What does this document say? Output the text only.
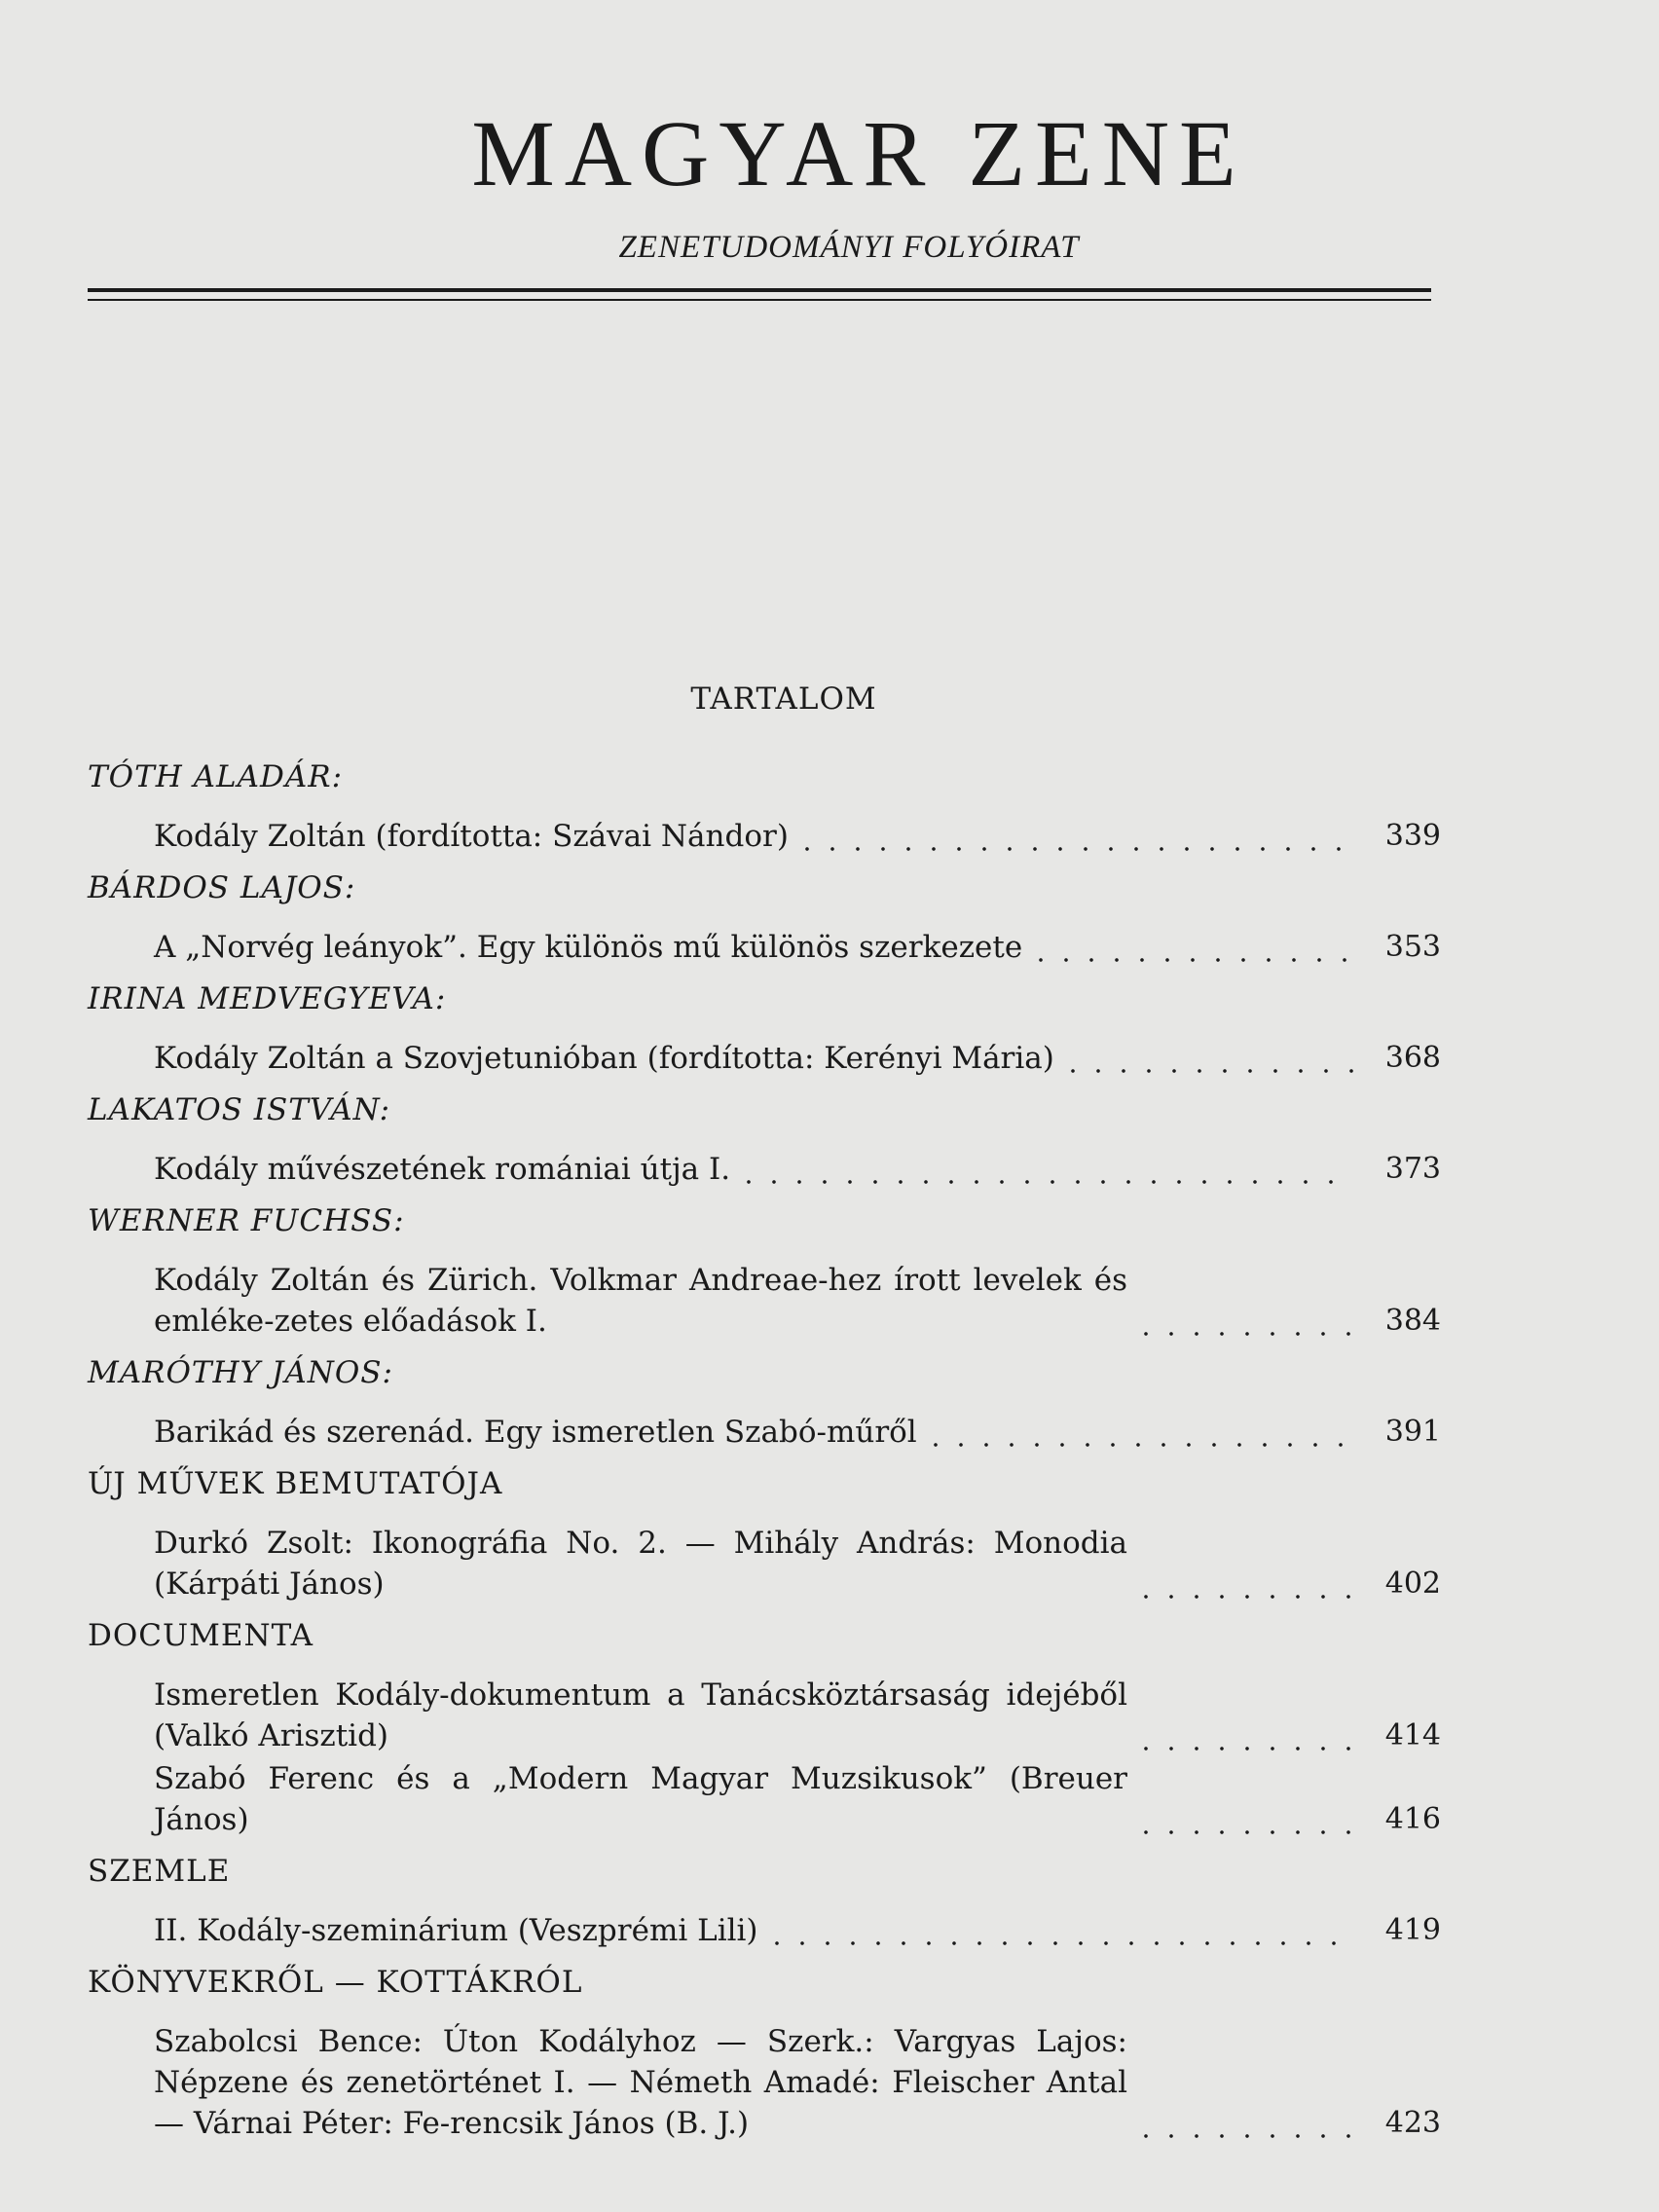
MAGYAR ZENE
ZENETUDOMÁNYI FOLYÓIRAT
TARTALOM
TÓTH ALADÁR:
Kodály Zoltán (fordította: Szávai Nándor)	339
BÁRDOS LAJOS:
A „Norvég leányok”. Egy különös mű különös szerkezete	353
IRINA MEDVEGYEVA:
Kodály Zoltán a Szovjetunióban (fordította: Kerényi Mária)	368
LAKATOS ISTVÁN:
Kodály művészetének romániai útja I.	373
WERNER FUCHSS:
Kodály Zoltán és Zürich. Volkmar Andreae-hez írott levelek és emléke-zetes előadások I.	384
MARÓTHY JÁNOS:
Barikád és szerenád. Egy ismeretlen Szabó-műről	391
ÚJ MŰVEK BEMUTATÓJA
Durkó Zsolt: Ikonográfia No. 2. — Mihály András: Monodia (Kárpáti János)	402
DOCUMENTA
Ismeretlen Kodály-dokumentum a Tanácsköztársaság idejéből (Valkó Arisztid)	414
Szabó Ferenc és a „Modern Magyar Muzsikusok” (Breuer János)	416
SZEMLE
II. Kodály-szeminárium (Veszprémi Lili)	419
KÖNYVEKRŐL — KOTTÁKRÓL
Szabolcsi Bence: Úton Kodályhoz — Szerk.: Vargyas Lajos: Népzene és zenetörténet I. — Németh Amadé: Fleischer Antal — Várnai Péter: Fe-rencsik János (B. J.)	423
